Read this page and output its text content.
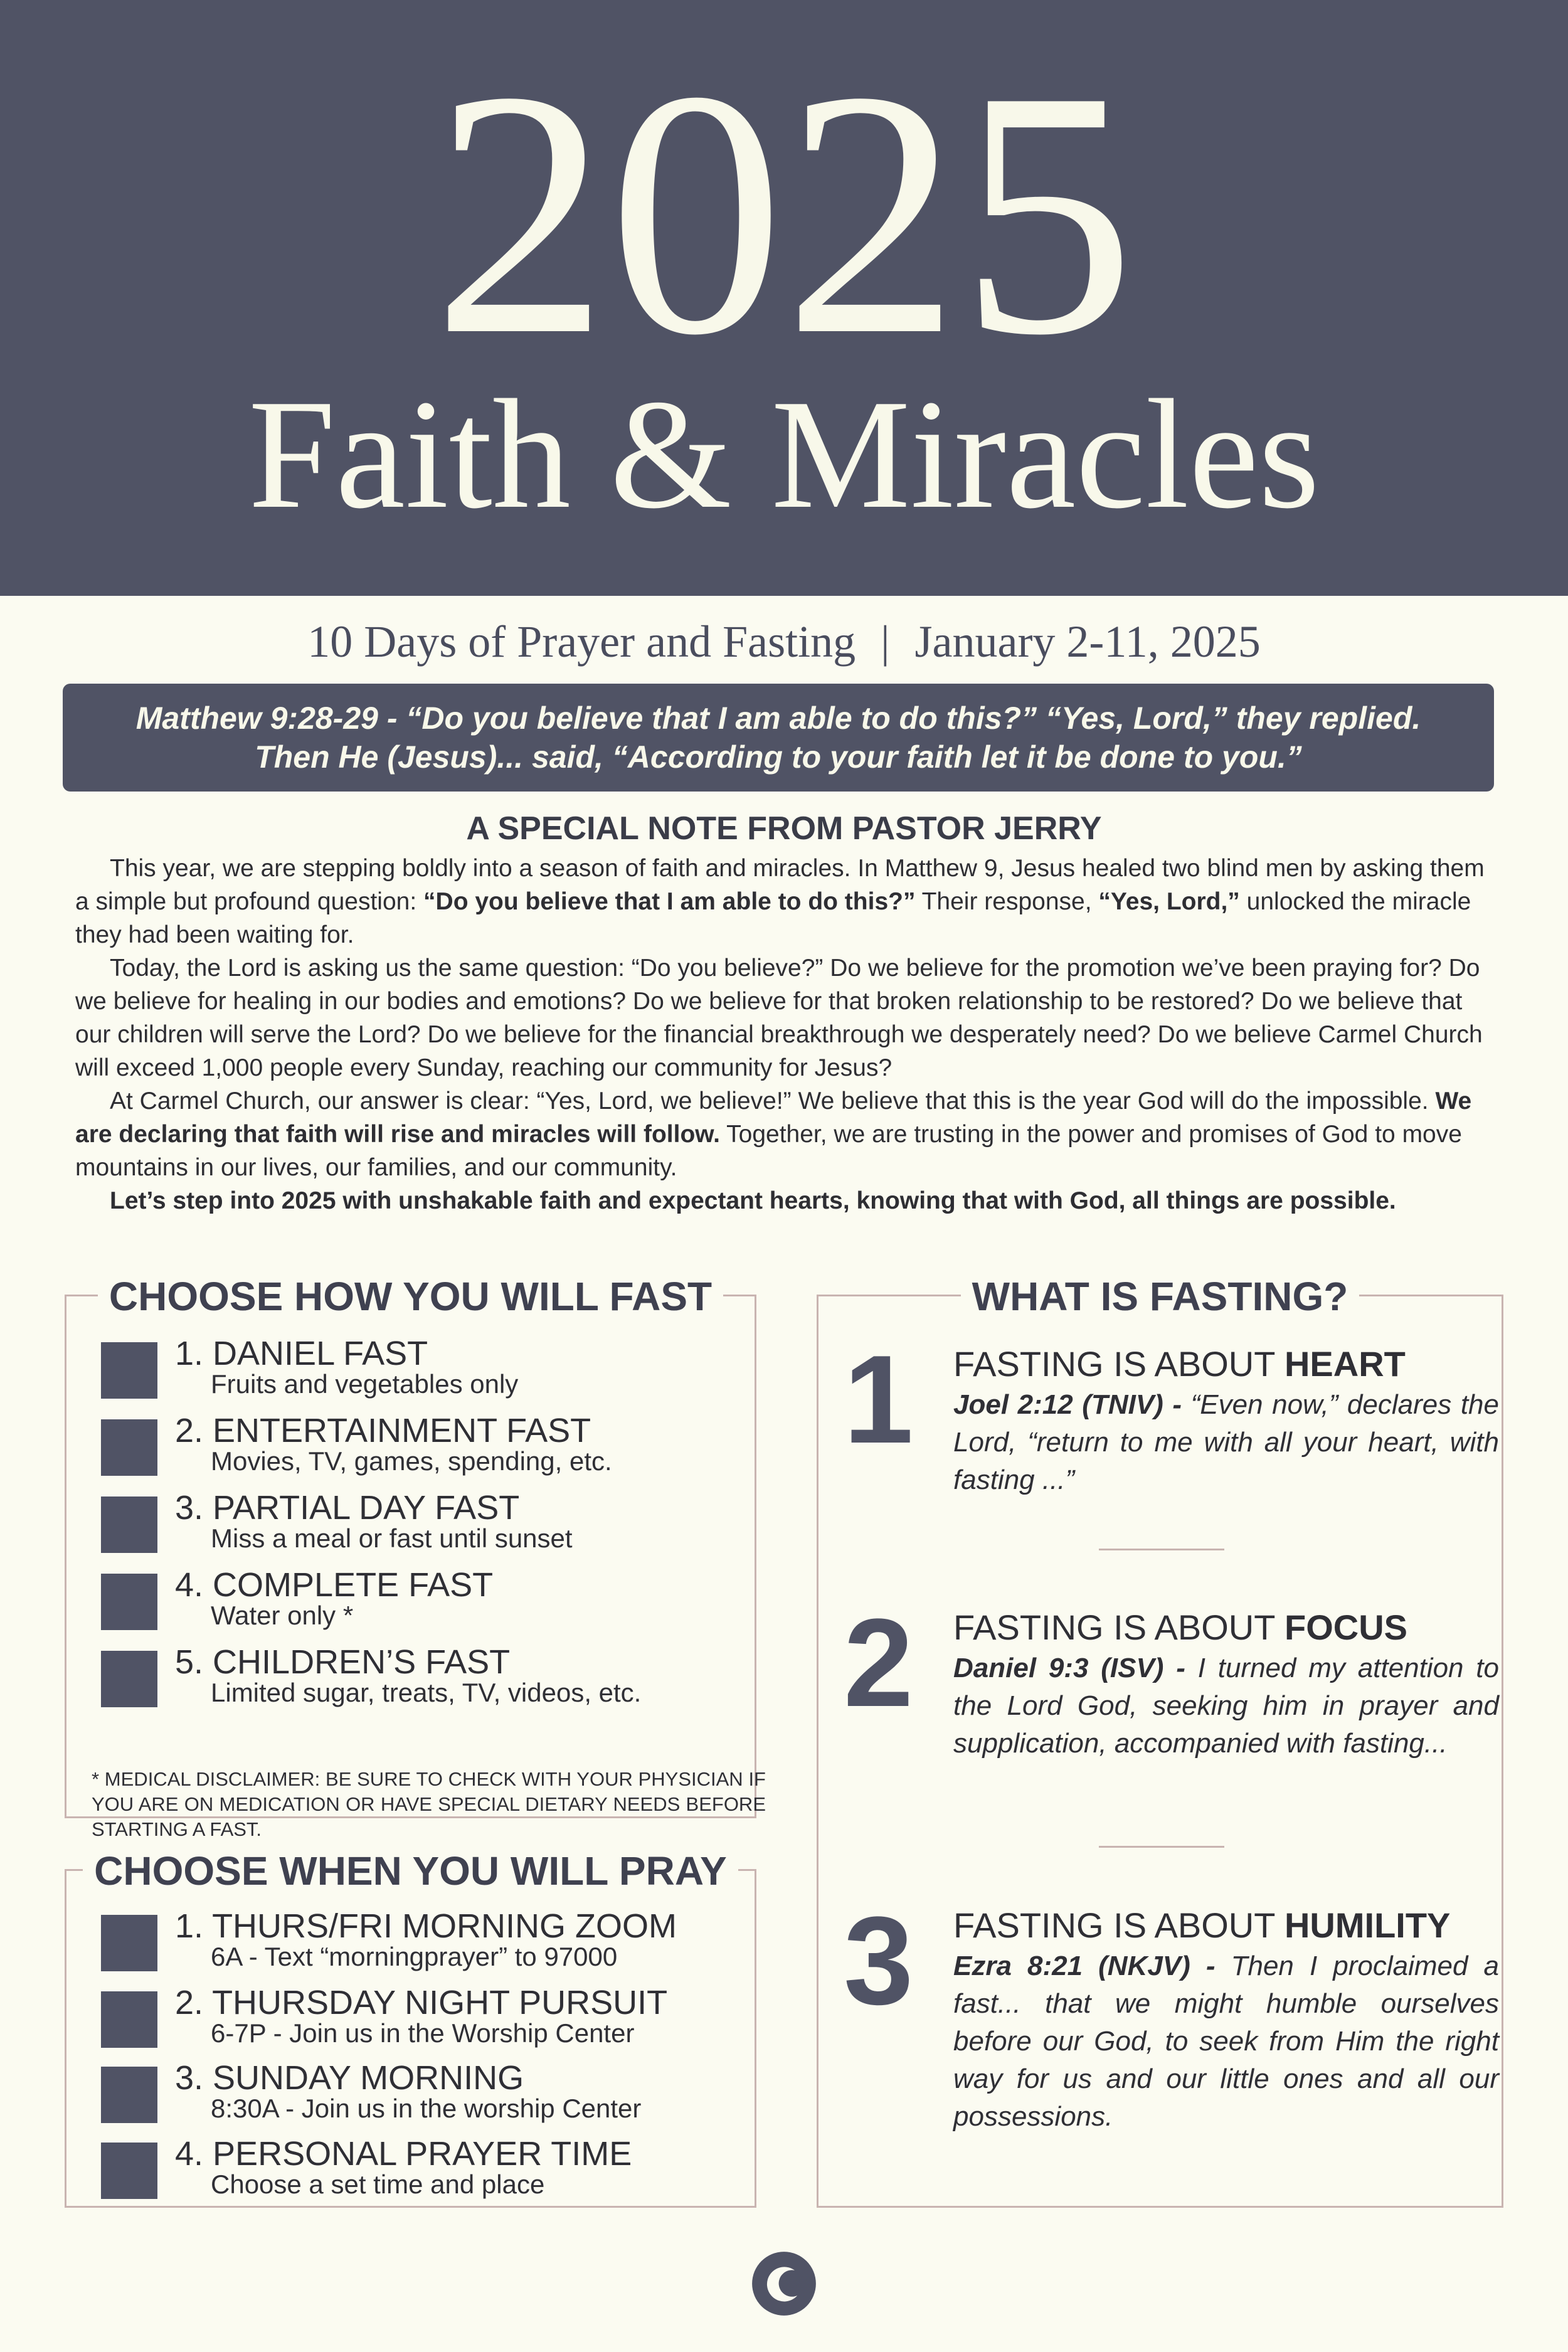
2025
Faith & Miracles
10 Days of Prayer and Fasting | January 2-11, 2025
Matthew 9:28-29 - “Do you believe that I am able to do this?” “Yes, Lord,” they replied.
Then He (Jesus)... said, “According to your faith let it be done to you.”
A SPECIAL NOTE FROM PASTOR JERRY

This year, we are stepping boldly into a season of faith and miracles. In Matthew 9, Jesus healed two blind men by asking them a simple but profound question: “Do you believe that I am able to do this?” Their response, “Yes, Lord,” unlocked the miracle they had been waiting for.

Today, the Lord is asking us the same question: “Do you believe?” Do we believe for the promotion we’ve been praying for? Do we believe for healing in our bodies and emotions? Do we believe for that broken relationship to be restored? Do we believe that our children will serve the Lord? Do we believe for the financial breakthrough we desperately need? Do we believe Carmel Church will exceed 1,000 people every Sunday, reaching our community for Jesus?

At Carmel Church, our answer is clear: “Yes, Lord, we believe!” We believe that this is the year God will do the impossible. We are declaring that faith will rise and miracles will follow. Together, we are trusting in the power and promises of God to move mountains in our lives, our families, and our community.

Let’s step into 2025 with unshakable faith and expectant hearts, knowing that with God, all things are possible.

CHOOSE HOW YOU WILL FAST
1. DANIEL FAST
Fruits and vegetables only
2. ENTERTAINMENT FAST
Movies, TV, games, spending, etc.
3. PARTIAL DAY FAST
Miss a meal or fast until sunset
4. COMPLETE FAST
Water only *
5. CHILDREN’S FAST
Limited sugar, treats, TV, videos, etc.
* MEDICAL DISCLAIMER: BE SURE TO CHECK WITH YOUR PHYSICIAN IF YOU ARE ON MEDICATION OR HAVE SPECIAL DIETARY NEEDS BEFORE STARTING A FAST.
CHOOSE WHEN YOU WILL PRAY
1. THURS/FRI MORNING ZOOM
6A - Text “morningprayer” to 97000
2. THURSDAY NIGHT PURSUIT
6-7P - Join us in the Worship Center
3. SUNDAY MORNING
8:30A - Join us in the worship Center
4. PERSONAL PRAYER TIME
Choose a set time and place
WHAT IS FASTING?
1 FASTING IS ABOUT HEART
Joel 2:12 (TNIV) - “Even now,” declares the Lord, “return to me with all your heart, with fasting ...”
2 FASTING IS ABOUT FOCUS
Daniel 9:3 (ISV) - I turned my attention to the Lord God, seeking him in prayer and supplication, accompanied with fasting...
3 FASTING IS ABOUT HUMILITY
Ezra 8:21 (NKJV) - Then I proclaimed a fast... that we might humble ourselves before our God, to seek from Him the right way for us and our little ones and all our possessions.
